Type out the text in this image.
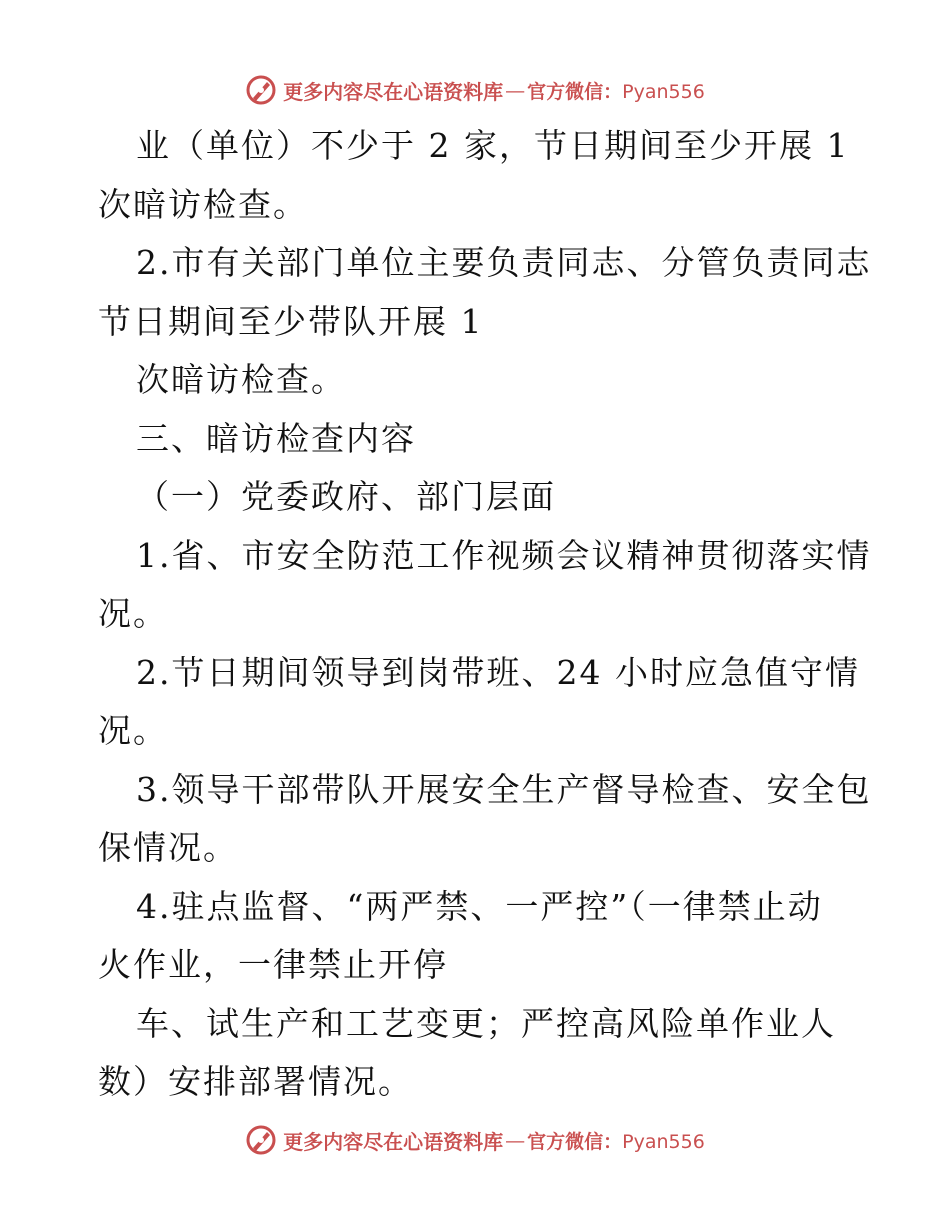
更多内容尽在心语资料库 — 官方微信：Pyan556
业（单位）不少于 2 家，节日期间至少开展 1
次暗访检查。
2.市有关部门单位主要负责同志、分管负责同志
节日期间至少带队开展 1
次暗访检查。
三、暗访检查内容
（一）党委政府、部门层面
1.省、市安全防范工作视频会议精神贯彻落实情
况。
2.节日期间领导到岗带班、24 小时应急值守情
况。
3.领导干部带队开展安全生产督导检查、安全包
保情况。
4.驻点监督、“两严禁、一严控”（一律禁止动
火作业，一律禁止开停
车、试生产和工艺变更；严控高风险单作业人
数）安排部署情况。
更多内容尽在心语资料库 — 官方微信：Pyan556
